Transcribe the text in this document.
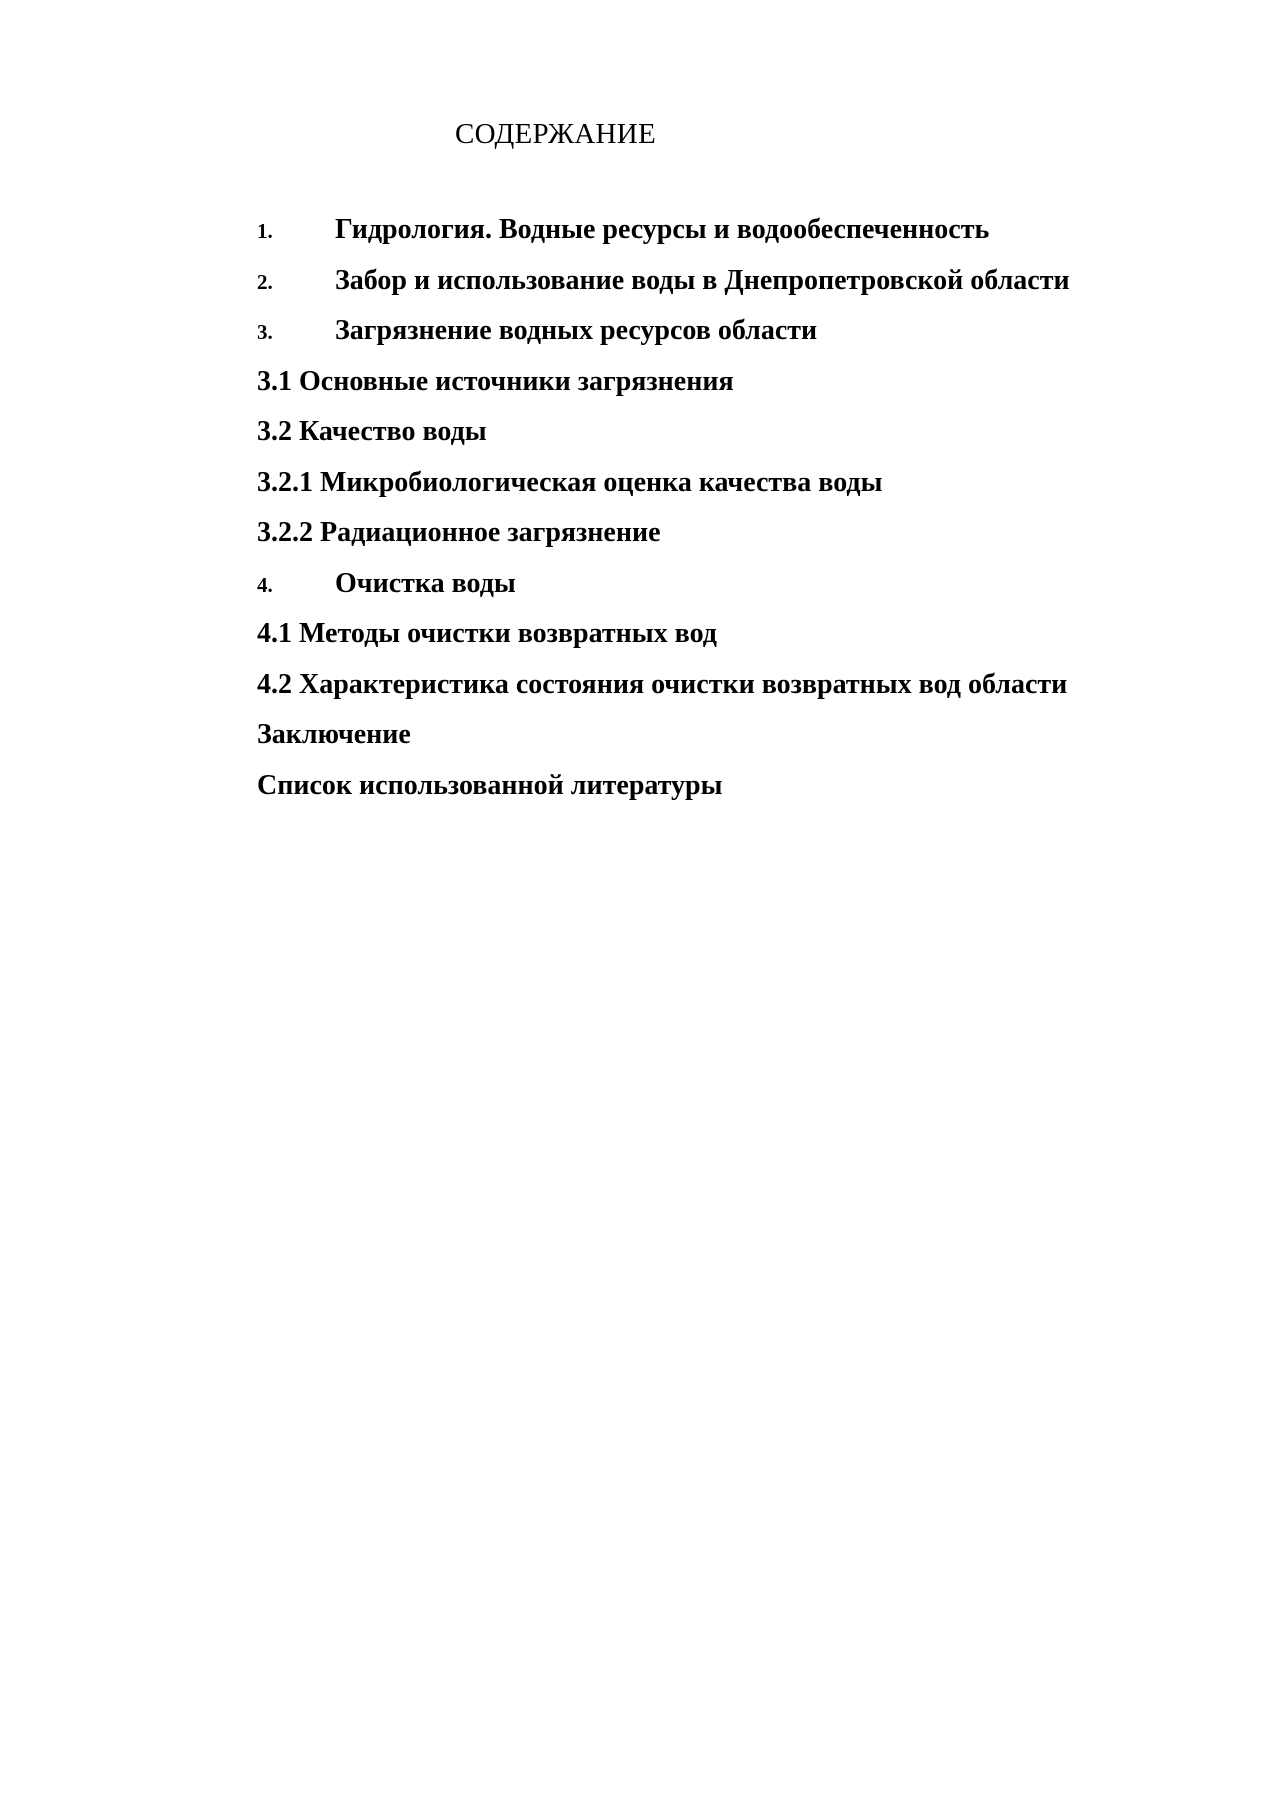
СОДЕРЖАНИЕ
1. Гидрология. Водные ресурсы и водообеспеченность
2. Забор и использование воды в Днепропетровской области
3. Загрязнение водных ресурсов области
3.1 Основные источники загрязнения
3.2 Качество воды
3.2.1 Микробиологическая оценка качества воды
3.2.2 Радиационное загрязнение
4. Очистка воды
4.1 Методы очистки возвратных вод
4.2 Характеристика состояния очистки возвратных вод области
Заключение
Список использованной литературы
